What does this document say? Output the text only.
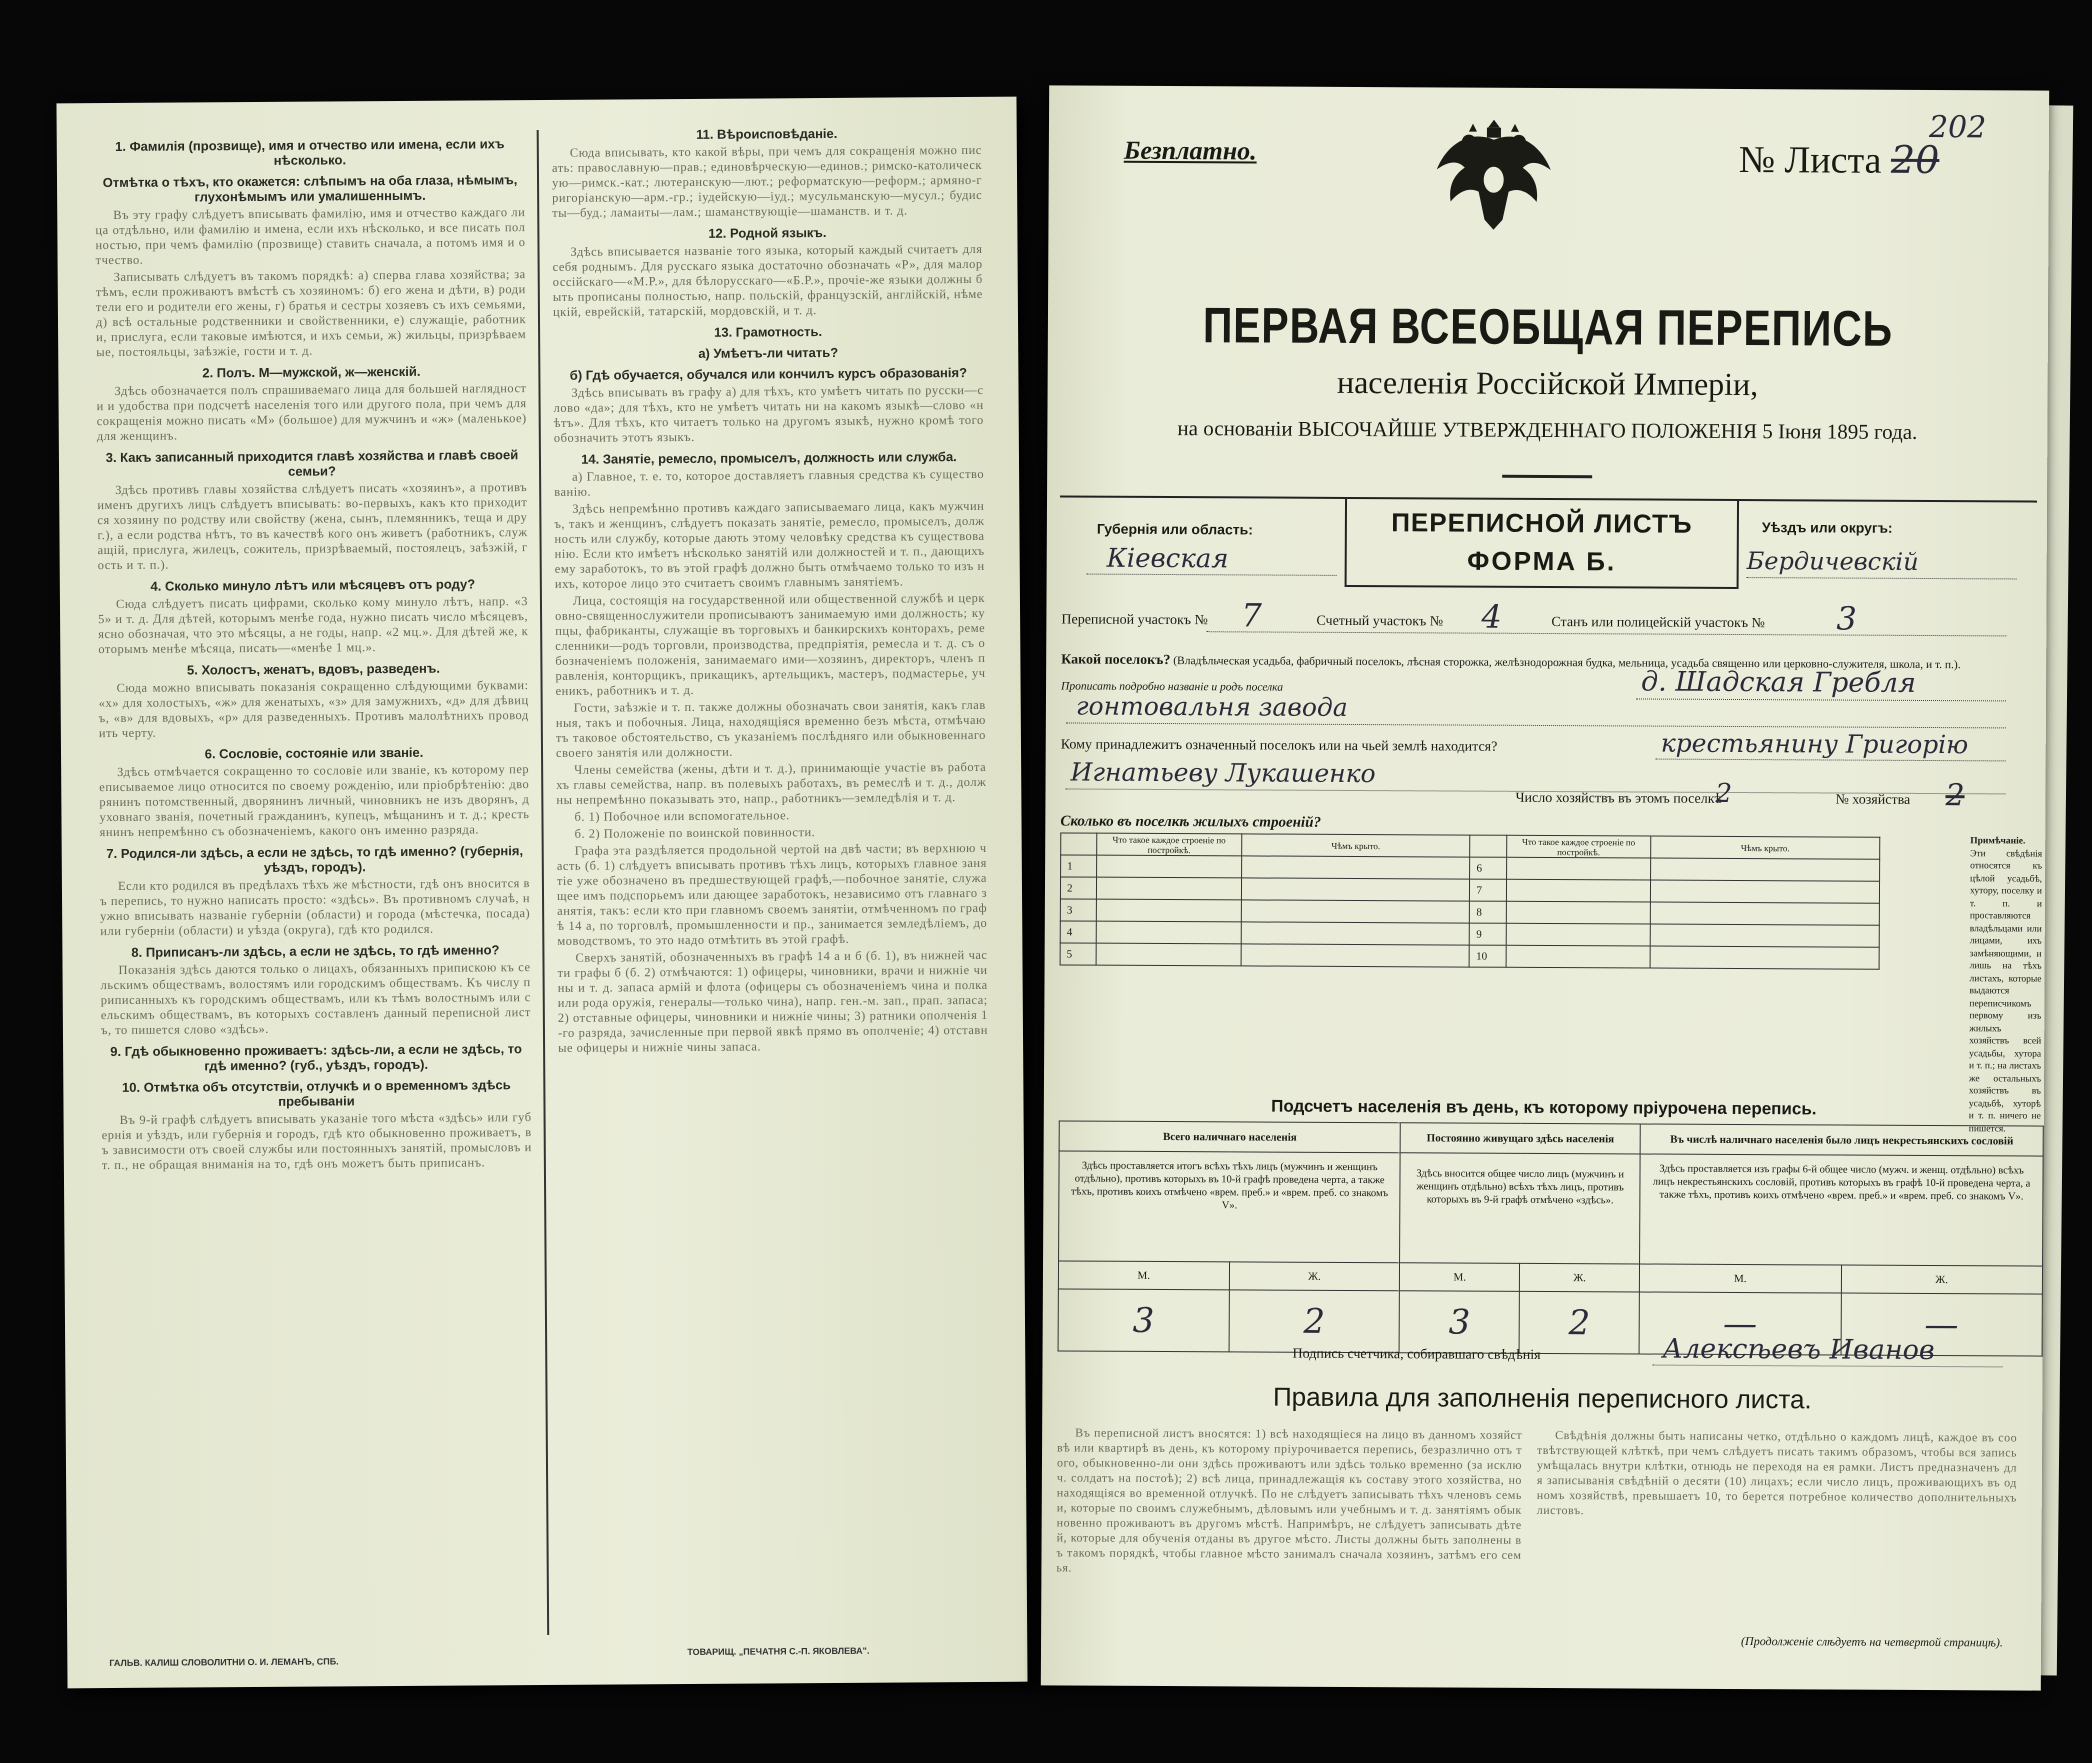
1. Фамилія (прозвище), имя и отчество или имена, если ихъ нѣсколько.
Отмѣтка о тѣхъ, кто окажется: слѣпымъ на оба глаза, нѣмымъ, глухонѣмымъ или умалишеннымъ.

Въ эту графу слѣдуетъ вписывать фамилію, имя и отчество каждаго лица отдѣльно, или фамилію и имена, если ихъ нѣсколько, и все писать полностью, при чемъ фамилію (прозвище) ставить сначала, а потомъ имя и отчество.

Записывать слѣдуетъ въ такомъ порядкѣ: а) сперва глава хозяйства; затѣмъ, если проживаютъ вмѣстѣ съ хозяиномъ: б) его жена и дѣти, в) родители его и родители его жены, г) братья и сестры хозяевъ съ ихъ семьями, д) всѣ остальные родственники и свойственники, е) служащіе, работники, прислуга, если таковые имѣются, и ихъ семьи, ж) жильцы, призрѣваемые, постояльцы, заѣзжіе, гости и т. д.

2. Полъ. М—мужской, ж—женскій.

Здѣсь обозначается полъ спрашиваемаго лица для большей наглядности и удобства при подсчетѣ населенія того или другого пола, при чемъ для сокращенія можно писать «М» (большое) для мужчинъ и «ж» (маленькое) для женщинъ.

3. Какъ записанный приходится главѣ хозяйства и главѣ своей семьи?

Здѣсь противъ главы хозяйства слѣдуетъ писать «хозяинъ», а противъ именъ другихъ лицъ слѣдуетъ вписывать: во-первыхъ, какъ кто приходится хозяину по родству или свойству (жена, сынъ, племянникъ, теща и друг.), а если родства нѣтъ, то въ качествѣ кого онъ живетъ (работникъ, служащій, прислуга, жилецъ, сожитель, призрѣваемый, постоялецъ, заѣзжій, гость и т. п.).

4. Сколько минуло лѣтъ или мѣсяцевъ отъ роду?

Сюда слѣдуетъ писать цифрами, сколько кому минуло лѣтъ, напр. «35» и т. д. Для дѣтей, которымъ менѣе года, нужно писать число мѣсяцевъ, ясно обозначая, что это мѣсяцы, а не годы, напр. «2 мц.». Для дѣтей же, которымъ менѣе мѣсяца, писать—«менѣе 1 мц.».

5. Холостъ, женатъ, вдовъ, разведенъ.

Сюда можно вписывать показанія сокращенно слѣдующими буквами: «х» для холостыхъ, «ж» для женатыхъ, «з» для замужнихъ, «д» для дѣвицъ, «в» для вдовыхъ, «р» для разведенныхъ. Противъ малолѣтнихъ проводить черту.

6. Сословіе, состояніе или званіе.

Здѣсь отмѣчается сокращенно то сословіе или званіе, къ которому переписываемое лицо относится по своему рожденію, или пріобрѣтенію: дворянинъ потомственный, дворянинъ личный, чиновникъ не изъ дворянъ, духовнаго званія, почетный гражданинъ, купецъ, мѣщанинъ и т. д.; крестьянинъ непремѣнно съ обозначеніемъ, какого онъ именно разряда.

7. Родился-ли здѣсь, а если не здѣсь, то гдѣ именно? (губернія, уѣздъ, городъ).

Если кто родился въ предѣлахъ тѣхъ же мѣстности, гдѣ онъ вносится въ перепись, то нужно написать просто: «здѣсь». Въ противномъ случаѣ, нужно вписывать названіе губерніи (области) и города (мѣстечка, посада) или губерніи (области) и уѣзда (округа), гдѣ кто родился.

8. Приписанъ-ли здѣсь, а если не здѣсь, то гдѣ именно?

Показанія здѣсь даются только о лицахъ, обязанныхъ припискою къ сельскимъ обществамъ, волостямъ или городскимъ обществамъ. Къ числу приписанныхъ къ городскимъ обществамъ, или къ тѣмъ волостнымъ или сельскимъ обществамъ, въ которыхъ составленъ данный переписной листъ, то пишется слово «здѣсь».

9. Гдѣ обыкновенно проживаетъ: здѣсь-ли, а если не здѣсь, то гдѣ именно? (губ., уѣздъ, городъ).
10. Отмѣтка объ отсутствіи, отлучкѣ и о временномъ здѣсь пребываніи

Въ 9-й графѣ слѣдуетъ вписывать указаніе того мѣста «здѣсь» или губернія и уѣздъ, или губернія и городъ, гдѣ кто обыкновенно проживаетъ, въ зависимости отъ своей службы или постоянныхъ занятій, промысловъ и т. п., не обращая вниманія на то, гдѣ онъ можетъ быть приписанъ.

11. Вѣроисповѣданіе.

Сюда вписывать, кто какой вѣры, при чемъ для сокращенія можно писать: православную—прав.; единовѣрческую—единов.; римско-католическую—римск.-кат.; лютеранскую—лют.; реформатскую—реформ.; армяно-григоріанскую—арм.-гр.; іудейскую—іуд.; мусульманскую—мусул.; будисты—буд.; ламаиты—лам.; шаманствующіе—шаманств. и т. д.

12. Родной языкъ.

Здѣсь вписывается названіе того языка, который каждый считаетъ для себя роднымъ. Для русскаго языка достаточно обозначать «Р», для малороссійскаго—«М.Р.», для бѣлорусскаго—«Б.Р.», прочіе-же языки должны быть прописаны полностью, напр. польскій, французскій, англійскій, нѣмецкій, еврейскій, татарскій, мордовскій, и т. д.

13. Грамотность.
а) Умѣетъ-ли читать?
б) Гдѣ обучается, обучался или кончилъ курсъ образованія?

Здѣсь вписывать въ графу а) для тѣхъ, кто умѣетъ читать по русски—слово «да»; для тѣхъ, кто не умѣетъ читать ни на какомъ языкѣ—слово «нѣтъ». Для тѣхъ, кто читаетъ только на другомъ языкѣ, нужно кромѣ того обозначить этотъ языкъ.

14. Занятіе, ремесло, промыселъ, должность или служба.

а) Главное, т. е. то, которое доставляетъ главныя средства къ существованію.

Здѣсь непремѣнно противъ каждаго записываемаго лица, какъ мужчинъ, такъ и женщинъ, слѣдуетъ показать занятіе, ремесло, промыселъ, должность или службу, которые дають этому человѣку средства къ существованію. Если кто имѣетъ нѣсколько занятій или должностей и т. п., дающихъ ему заработокъ, то въ этой графѣ должно быть отмѣчаемо только то изъ нихъ, которое лицо это считаетъ своимъ главнымъ занятіемъ.

Лица, состоящія на государственной или общественной службѣ и церковно-священнослужители прописываютъ занимаемую ими должность; купцы, фабриканты, служащіе въ торговыхъ и банкирскихъ конторахъ, ремесленники—родъ торговли, производства, предпріятія, ремесла и т. д. съ обозначеніемъ положенія, занимаемаго ими—хозяинъ, директоръ, членъ правленія, конторщикъ, прикащикъ, артельщикъ, мастеръ, подмастерье, ученикъ, работникъ и т. д.

Гости, заѣзжіе и т. п. также должны обозначать свои занятія, какъ главныя, такъ и побочныя. Лица, находящіяся временно безъ мѣста, отмѣчаютъ таковое обстоятельство, съ указаніемъ послѣдняго или обыкновеннаго своего занятія или должности.

Члены семейства (жены, дѣти и т. д.), принимающіе участіе въ работахъ главы семейства, напр. въ полевыхъ работахъ, въ ремеслѣ и т. д., должны непремѣнно показывать это, напр., работникъ—земледѣлія и т. д.

б. 1) Побочное или вспомогательное.

б. 2) Положеніе по воинской повинности.

Графа эта раздѣляется продольной чертой на двѣ части; въ верхнюю часть (б. 1) слѣдуетъ вписывать противъ тѣхъ лицъ, которыхъ главное занятіе уже обозначено въ предшествующей графѣ,—побочное занятіе, служащее имъ подспорьемъ или дающее заработокъ, независимо отъ главнаго занятія, такъ: если кто при главномъ своемъ занятіи, отмѣченномъ по графѣ 14 а, по торговлѣ, промышленности и пр., занимается земледѣліемъ, домоводствомъ, то это надо отмѣтить въ этой графѣ.

Сверхъ занятій, обозначенныхъ въ графѣ 14 а и б (б. 1), въ нижней части графы б (б. 2) отмѣчаются: 1) офицеры, чиновники, врачи и нижніе чины и т. д. запаса армій и флота (офицеры съ обозначеніемъ чина и полка или рода оружія, генералы—только чина), напр. ген.-м. зап., прап. запаса; 2) отставные офицеры, чиновники и нижніе чины; 3) ратники ополченія 1-го разряда, зачисленные при первой явкѣ прямо въ ополченіе; 4) отставные офицеры и нижніе чины запаса.

ГАЛЬВ. КАЛИШ СЛОВОЛИТНИ О. И. ЛЕМАНЪ, СПБ.
ТОВАРИЩ. „ПЕЧАТНЯ С.-П. ЯКОВЛЕВА".
Безплатно.	№ Листа 20
202
ПЕРВАЯ ВСЕОБЩАЯ ПЕРЕПИСЬ
населенія Россійской Имперіи,
на основаніи ВЫСОЧАЙШЕ УТВЕРЖДЕННАГО ПОЛОЖЕНІЯ 5 Іюня 1895 года.
Губернія или область:
Кіевская
ПЕРЕПИСНОЙ ЛИСТЪ
ФОРМА Б.
Уѣздъ или округъ:
Бердичевскій
Переписной участокъ № 7	Счетный участокъ № 4	Станъ или полицейскій участокъ № 3
Какой поселокъ? (Владѣльческая усадьба, фабричный поселокъ, лѣсная сторожка, желѣзнодорожная будка, мельница, усадьба священно или церковно-служителя, школа, и т. п.). Прописать подробно названіе и родъ поселка	д. Шадская Гребля
гонтовальня завода
Кому принадлежитъ означенный поселокъ или на чьей землѣ находится?	крестьянину Григорію
Игнатьеву Лукашенко
Число хозяйствъ въ этомъ поселкѣ
2	№ хозяйства 2
Сколько въ поселкѣ жилыхъ строеній?
	Что такое каждое строеніе по постройкѣ.	Чѣмъ крыто.		Что такое каждое строеніе по постройкѣ.	Чѣмъ крыто.
1			6		
2			7		
3			8		
4			9		
5			10		
Примѣчаніе. Эти свѣдѣнія относятся къ цѣлой усадьбѣ, хутору, поселку и т. п. и проставляются владѣльцами или лицами, ихъ замѣняющими, и лишь на тѣхъ листахъ, которые выдаются переписчикомъ первому изъ жилыхъ хозяйствъ всей усадьбы, хутора и т. п.; на листахъ же остальныхъ хозяйствъ въ усадьбѣ, хуторѣ и т. п. ничего не пишется.
Подсчетъ населенія въ день, къ которому пріурочена перепись.
Всего наличнаго населенія		Постоянно живущаго здѣсь населенія		Въ числѣ наличнаго населенія было лицъ некрестьянскихъ сословій	
Здѣсь проставляется итогъ всѣхъ тѣхъ лицъ (мужчинъ и женщинъ отдѣльно), противъ которыхъ въ 10-й графѣ проведена черта, а также тѣхъ, противъ коихъ отмѣчено «врем. преб.» и «врем. преб. со знакомъ V».		Здѣсь вносится общее число лицъ (мужчинъ и женщинъ отдѣльно) всѣхъ тѣхъ лицъ, противъ которыхъ въ 9-й графѣ отмѣчено «здѣсь».		Здѣсь проставляется изъ графы 6-й общее число (мужч. и женщ. отдѣльно) всѣхъ лицъ некрестьянскихъ сословій, противъ которыхъ въ графѣ 10-й проведена черта, а также тѣхъ, противъ коихъ отмѣчено «врем. преб.» и «врем. преб. со знакомъ V».	
М.	Ж.	М.	Ж.	М.	Ж.
3	2	3	2	—	—
Подпись счетчика, собиравшаго свѣдѣнія	Алексѣевъ Иванов
Правила для заполненія переписного листа.

Въ переписной листъ вносятся: 1) всѣ находящіеся на лицо въ данномъ хозяйствѣ или квартирѣ въ день, къ которому пріурочивается перепись, безразлично отъ того, обыкновенно-ли они здѣсь проживаютъ или здѣсь только временно (за исключ. солдатъ на постоѣ); 2) всѣ лица, принадлежащія къ составу этого хозяйства, но находящіяся во временной отлучкѣ. По не слѣдуетъ записывать тѣхъ членовъ семьи, которые по своимъ служебнымъ, дѣловымъ или учебнымъ и т. д. занятіямъ обыкновенно проживаютъ въ другомъ мѣстѣ. Напримѣръ, не слѣдуетъ записывать дѣтей, которые для обученія отданы въ другое мѣсто. Листы должны быть заполнены въ такомъ порядкѣ, чтобы главное мѣсто занималъ сначала хозяинъ, затѣмъ его семья.

Свѣдѣнія должны быть написаны четко, отдѣльно о каждомъ лицѣ, каждое въ соотвѣтствующей клѣткѣ, при чемъ слѣдуетъ писать такимъ образомъ, чтобы вся запись умѣщалась внутри клѣтки, отнюдь не переходя на ея рамки. Листъ предназначенъ для записыванія свѣдѣній о десяти (10) лицахъ; если число лицъ, проживающихъ въ одномъ хозяйствѣ, превышаетъ 10, то берется потребное количество дополнительныхъ листовъ.

(Продолженіе слѣдуетъ на четвертой страницѣ).
